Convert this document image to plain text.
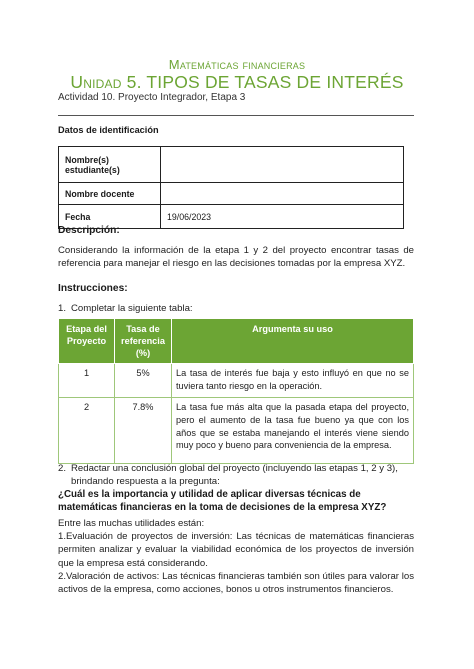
Matemáticas financieras
Unidad 5. TIPOS DE TASAS DE INTERÉS
Actividad 10. Proyecto Integrador, Etapa 3
Datos de identificación
Nombre(s)
estudiante(s)	
Nombre docente	
Fecha	19/06/2023
Descripción:
Considerando la información de la etapa 1 y 2 del proyecto encontrar tasas de referencia para manejar el riesgo en las decisiones tomadas por la empresa XYZ.
Instrucciones:
1. Completar la siguiente tabla:
Etapa del Proyecto	Tasa de referencia (%)	Argumenta su uso
1	5%	La tasa de interés fue baja y esto influyó en que no se tuviera tanto riesgo en la operación.
2	7.8%	La tasa fue más alta que la pasada etapa del proyecto, pero el aumento de la tasa fue bueno ya que con los años que se estaba manejando el interés viene siendo muy poco y bueno para conveniencia de la empresa.
2. Redactar una conclusión global del proyecto (incluyendo las etapas 1, 2 y 3),
brindando respuesta a la pregunta:
¿Cuál es la importancia y utilidad de aplicar diversas técnicas de matemáticas financieras en la toma de decisiones de la empresa XYZ?
Entre las muchas utilidades están:
1.Evaluación de proyectos de inversión: Las técnicas de matemáticas financieras permiten analizar y evaluar la viabilidad económica de los proyectos de inversión que la empresa está considerando.
2.Valoración de activos: Las técnicas financieras también son útiles para valorar los activos de la empresa, como acciones, bonos u otros instrumentos financieros.
